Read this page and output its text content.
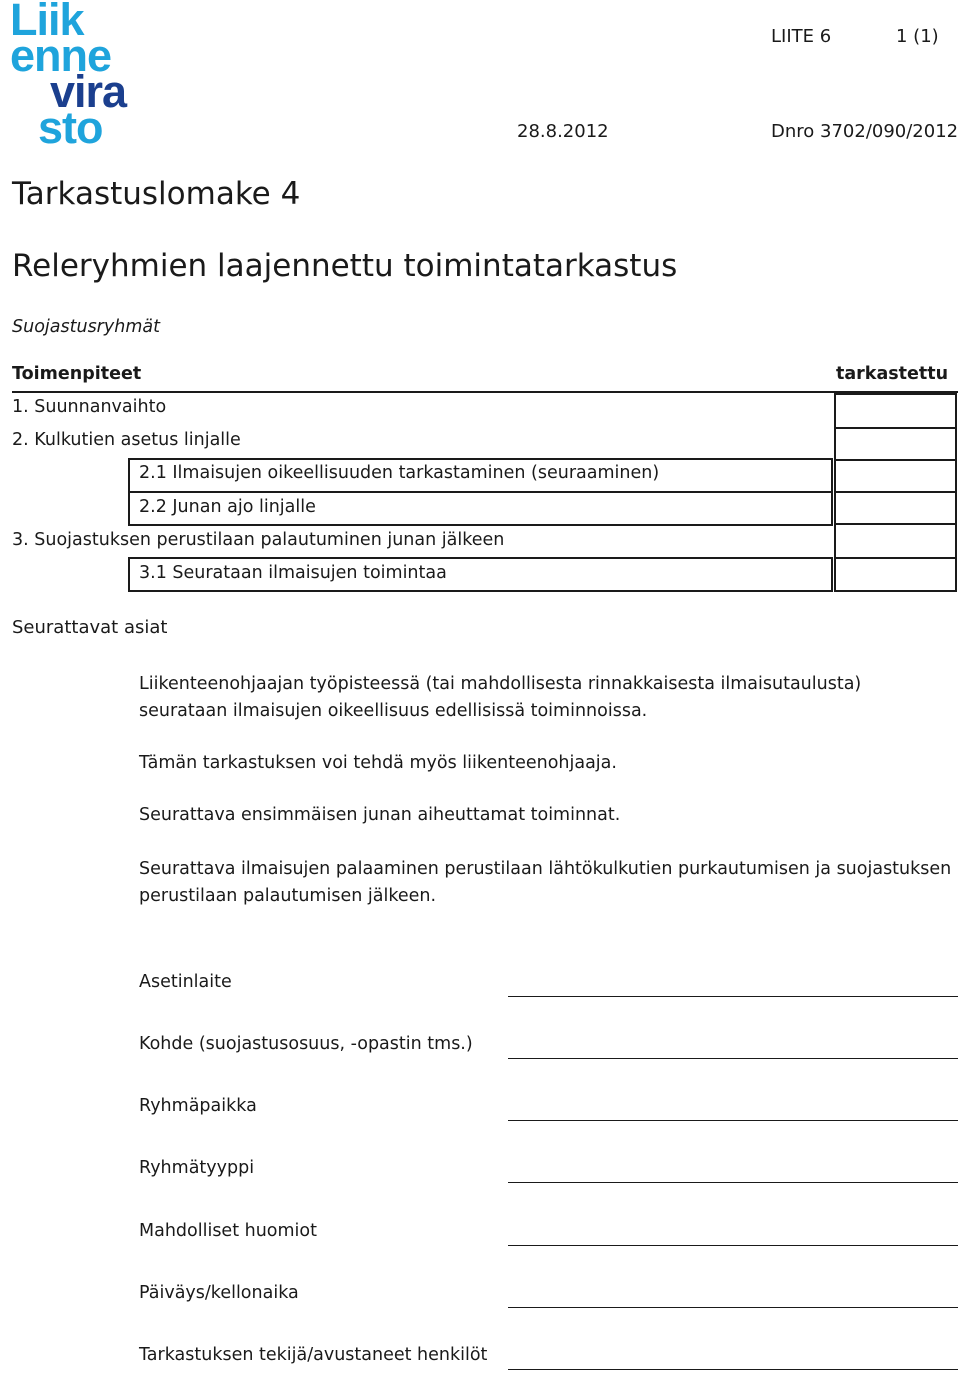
Liik
enne
vira
sto
LIITE 6	1 (1)
28.8.2012	Dnro 3702/090/2012
Tarkastuslomake 4
Releryhmien laajennettu toimintatarkastus
Suojastusryhmät
Toimenpiteet	tarkastettu
1. Suunnanvaihto
2. Kulkutien asetus linjalle
2.1 Ilmaisujen oikeellisuuden tarkastaminen (seuraaminen)
2.2 Junan ajo linjalle
3. Suojastuksen perustilaan palautuminen junan jälkeen
3.1 Seurataan ilmaisujen toimintaa
Seurattavat asiat
Liikenteenohjaajan työpisteessä (tai mahdollisesta rinnakkaisesta ilmaisutaulusta) seurataan ilmaisujen oikeellisuus edellisissä toiminnoissa.
Tämän tarkastuksen voi tehdä myös liikenteenohjaaja.
Seurattava ensimmäisen junan aiheuttamat toiminnat.
Seurattava ilmaisujen palaaminen perustilaan lähtökulkutien purkautumisen ja suojastuksen perustilaan palautumisen jälkeen.
Asetinlaite
Kohde (suojastusosuus, -opastin tms.)
Ryhmäpaikka
Ryhmätyyppi
Mahdolliset huomiot
Päiväys/kellonaika
Tarkastuksen tekijä/avustaneet henkilöt
